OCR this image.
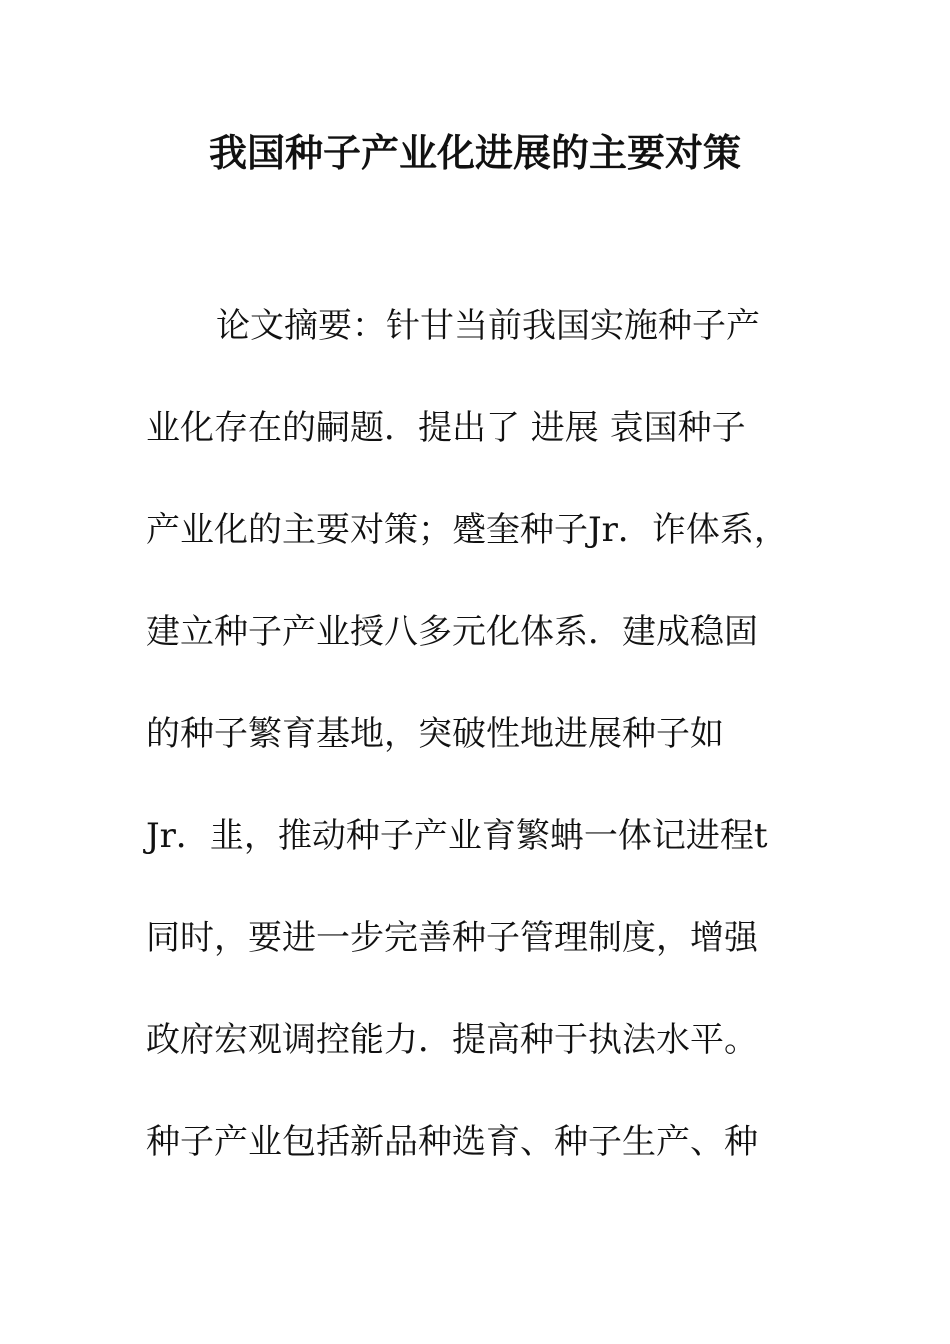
我国种子产业化进展的主要对策
论文摘要：针甘当前我国实施种子产
业化存在的嗣题．提出了 进展 袁国种子
产业化的主要对策；蹙奎种子Jr．诈体系，
建立种子产业授八多元化体系．建成稳固
的种子繁育基地，突破性地进展种子如
Jr．韭，推动种子产业育繁蚺一体记进程t
同时，要进一步完善种子管理制度，增强
政府宏观调控能力．提高种于执法水平。
种子产业包括新品种选育、种子生产、种
